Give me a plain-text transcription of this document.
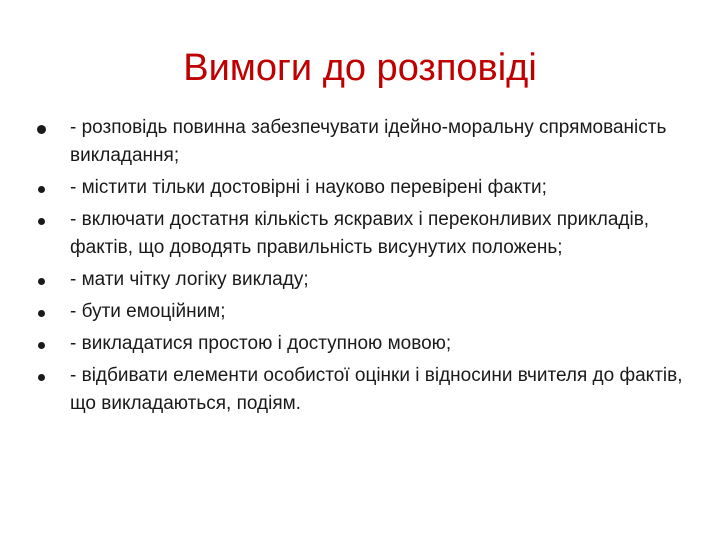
Вимоги до розповіді
- розповідь повинна забезпечувати ідейно-моральну спрямованість викладання;
- містити тільки достовірні і науково перевірені факти;
- включати достатня кількість яскравих і переконливих прикладів, фактів, що доводять правильність висунутих положень;
- мати чітку логіку викладу;
- бути емоційним;
- викладатися простою і доступною мовою;
- відбивати елементи особистої оцінки і відносини вчителя до фактів, що викладаються, подіям.
